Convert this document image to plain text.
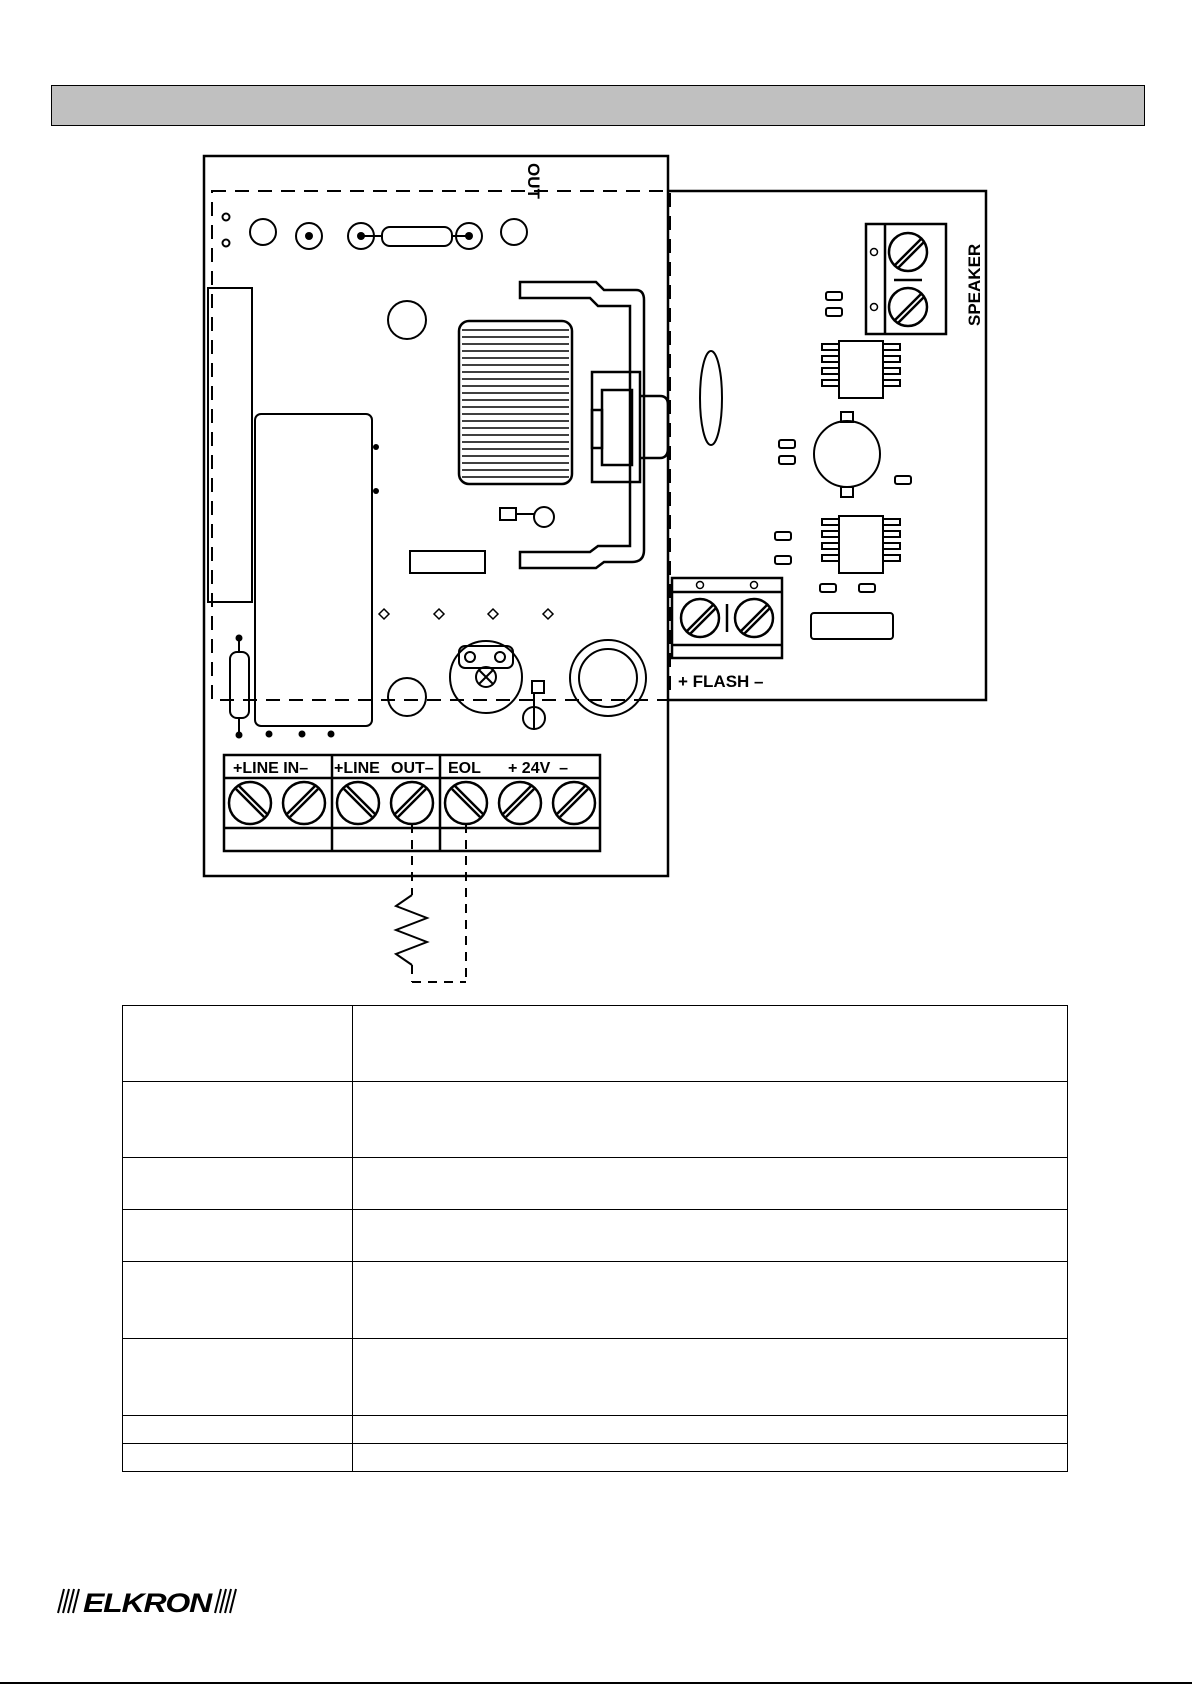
OUT
+LINE IN– +LINE OUT– EOL + 24V  –
SPEAKER
+ FLASH –

ELKRON
